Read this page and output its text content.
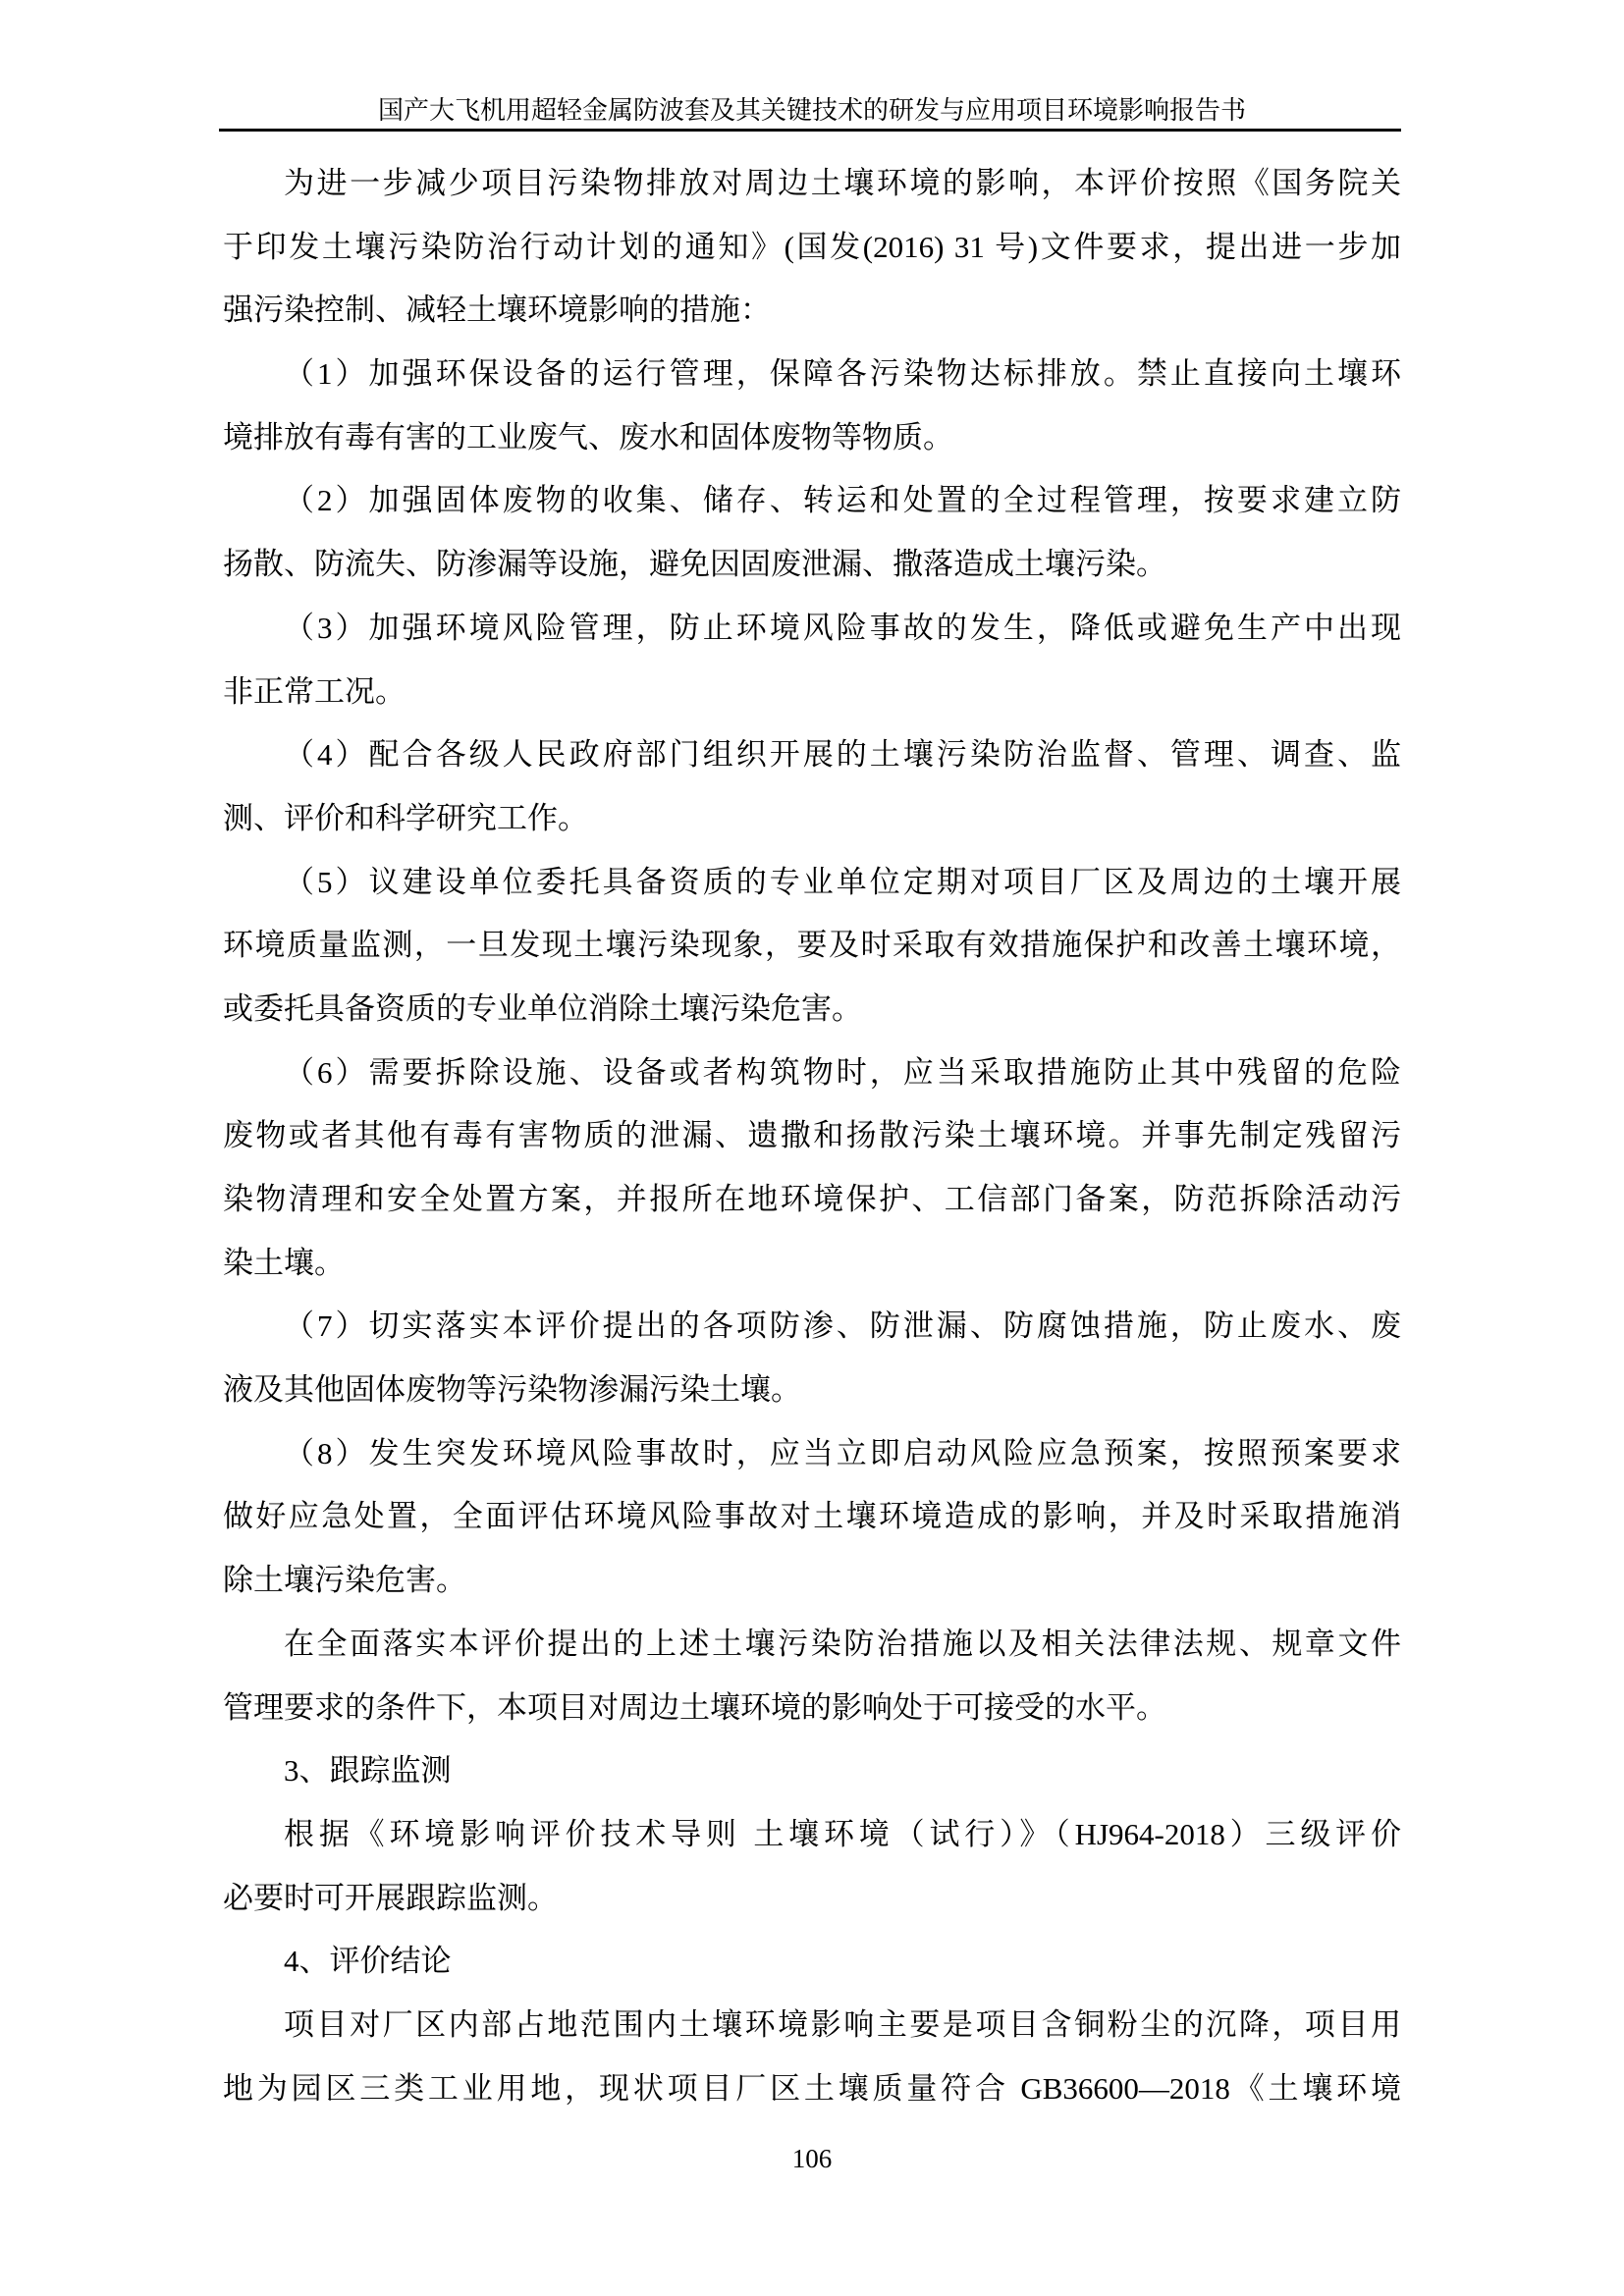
国产大飞机用超轻金属防波套及其关键技术的研发与应用项目环境影响报告书
为进一步减少项目污染物排放对周边土壤环境的影响，本评价按照《国务院关
于印发土壤污染防治行动计划的通知》(国发(2016) 31 号)文件要求，提出进一步加
强污染控制、减轻土壤环境影响的措施：
（1）加强环保设备的运行管理，保障各污染物达标排放。禁止直接向土壤环
境排放有毒有害的工业废气、废水和固体废物等物质。
（2）加强固体废物的收集、储存、转运和处置的全过程管理，按要求建立防
扬散、防流失、防渗漏等设施，避免因固废泄漏、撒落造成土壤污染。
（3）加强环境风险管理，防止环境风险事故的发生，降低或避免生产中出现
非正常工况。
（4）配合各级人民政府部门组织开展的土壤污染防治监督、管理、调查、监
测、评价和科学研究工作。
（5）议建设单位委托具备资质的专业单位定期对项目厂区及周边的土壤开展
环境质量监测，一旦发现土壤污染现象，要及时采取有效措施保护和改善土壤环境，
或委托具备资质的专业单位消除土壤污染危害。
（6）需要拆除设施、设备或者构筑物时，应当采取措施防止其中残留的危险
废物或者其他有毒有害物质的泄漏、遗撒和扬散污染土壤环境。并事先制定残留污
染物清理和安全处置方案，并报所在地环境保护、工信部门备案，防范拆除活动污
染土壤。
（7）切实落实本评价提出的各项防渗、防泄漏、防腐蚀措施，防止废水、废
液及其他固体废物等污染物渗漏污染土壤。
（8）发生突发环境风险事故时，应当立即启动风险应急预案，按照预案要求
做好应急处置，全面评估环境风险事故对土壤环境造成的影响，并及时采取措施消
除土壤污染危害。
在全面落实本评价提出的上述土壤污染防治措施以及相关法律法规、规章文件
管理要求的条件下，本项目对周边土壤环境的影响处于可接受的水平。
3、跟踪监测
根据《环境影响评价技术导则 土壤环境（试行）》（HJ964-2018）三级评价
必要时可开展跟踪监测。
4、评价结论
项目对厂区内部占地范围内土壤环境影响主要是项目含铜粉尘的沉降，项目用
地为园区三类工业用地，现状项目厂区土壤质量符合 GB36600—2018《土壤环境
106
